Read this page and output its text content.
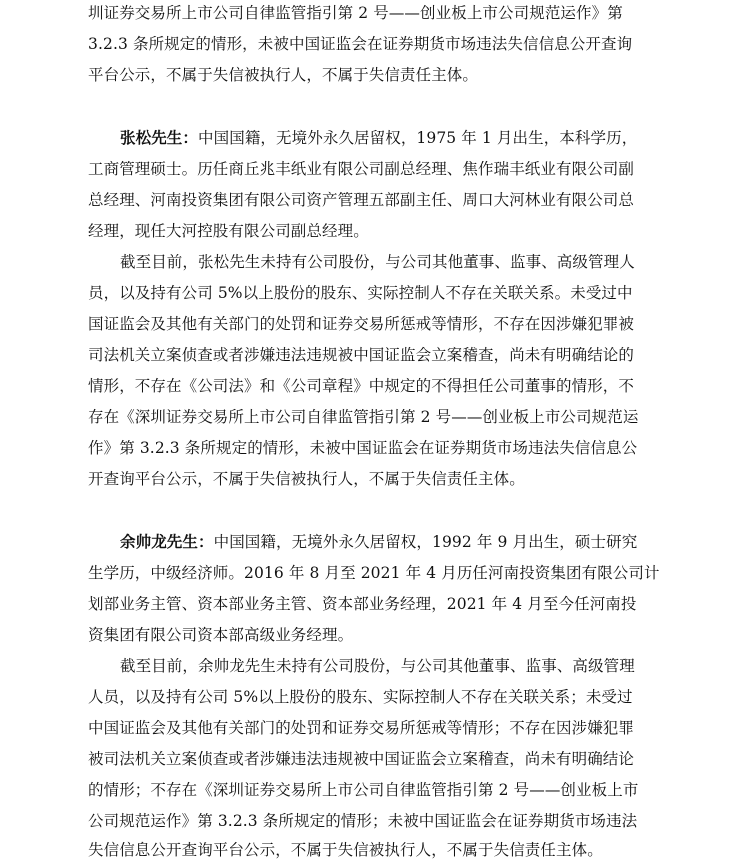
圳证券交易所上市公司自律监管指引第 2 号——创业板上市公司规范运作》第
3.2.3 条所规定的情形，未被中国证监会在证券期货市场违法失信信息公开查询
平台公示，不属于失信被执行人，不属于失信责任主体。
张松先生：中国国籍，无境外永久居留权，1975 年 1 月出生，本科学历，
工商管理硕士。历任商丘兆丰纸业有限公司副总经理、焦作瑞丰纸业有限公司副
总经理、河南投资集团有限公司资产管理五部副主任、周口大河林业有限公司总
经理，现任大河控股有限公司副总经理。
截至目前，张松先生未持有公司股份，与公司其他董事、监事、高级管理人
员，以及持有公司 5%以上股份的股东、实际控制人不存在关联关系。未受过中
国证监会及其他有关部门的处罚和证券交易所惩戒等情形，不存在因涉嫌犯罪被
司法机关立案侦查或者涉嫌违法违规被中国证监会立案稽查，尚未有明确结论的
情形，不存在《公司法》和《公司章程》中规定的不得担任公司董事的情形，不
存在《深圳证券交易所上市公司自律监管指引第 2 号——创业板上市公司规范运
作》第 3.2.3 条所规定的情形，未被中国证监会在证券期货市场违法失信信息公
开查询平台公示，不属于失信被执行人，不属于失信责任主体。
余帅龙先生：中国国籍，无境外永久居留权，1992 年 9 月出生，硕士研究
生学历，中级经济师。2016 年 8 月至 2021 年 4 月历任河南投资集团有限公司计
划部业务主管、资本部业务主管、资本部业务经理，2021 年 4 月至今任河南投
资集团有限公司资本部高级业务经理。
截至目前，余帅龙先生未持有公司股份，与公司其他董事、监事、高级管理
人员，以及持有公司 5%以上股份的股东、实际控制人不存在关联关系；未受过
中国证监会及其他有关部门的处罚和证券交易所惩戒等情形；不存在因涉嫌犯罪
被司法机关立案侦查或者涉嫌违法违规被中国证监会立案稽查，尚未有明确结论
的情形；不存在《深圳证券交易所上市公司自律监管指引第 2 号——创业板上市
公司规范运作》第 3.2.3 条所规定的情形；未被中国证监会在证券期货市场违法
失信信息公开查询平台公示，不属于失信被执行人，不属于失信责任主体。
